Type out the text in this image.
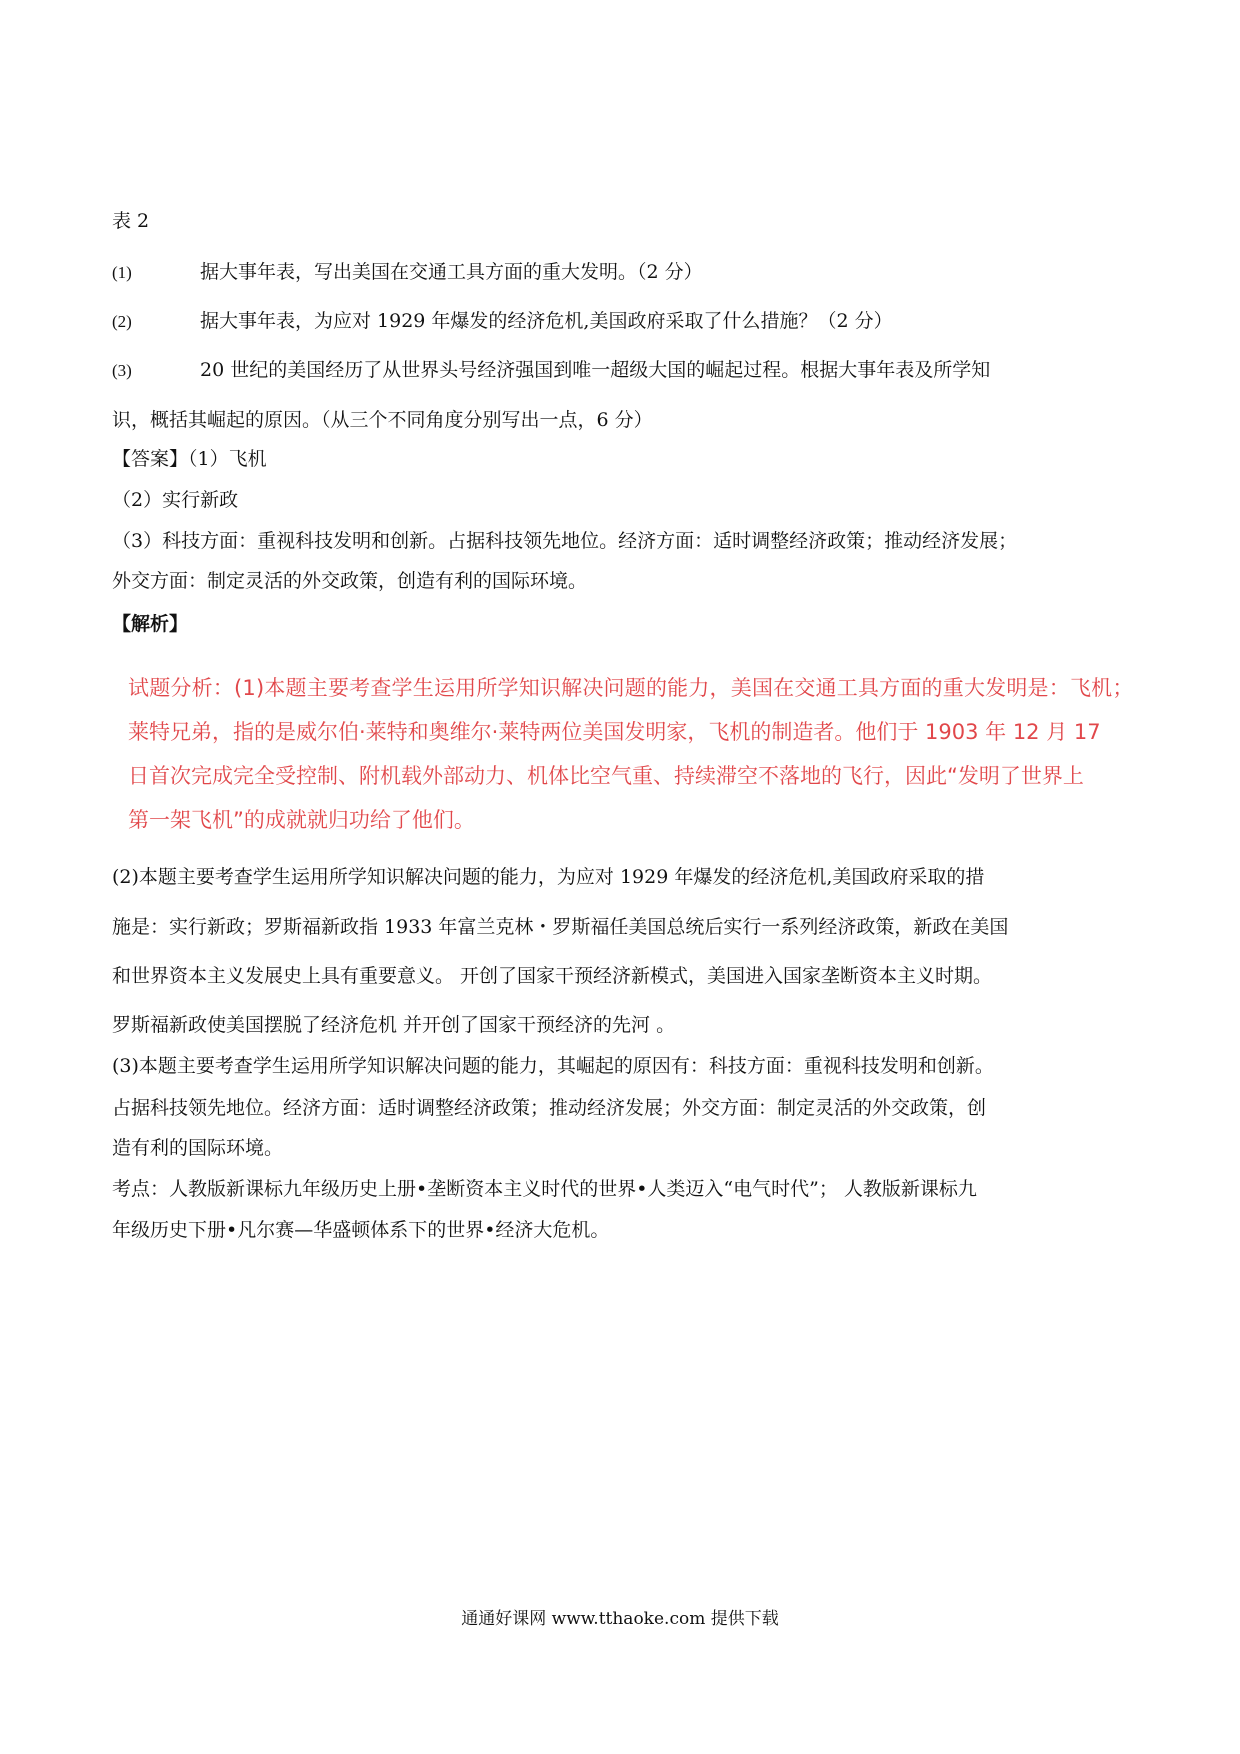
表 2
(1)	据大事年表，写出美国在交通工具方面的重大发明。（2 分）
(2)	据大事年表，为应对 1929 年爆发的经济危机,美国政府采取了什么措施？（2 分）
(3)	20 世纪的美国经历了从世界头号经济强国到唯一超级大国的崛起过程。根据大事年表及所学知
识，概括其崛起的原因。（从三个不同角度分别写出一点，6 分）
【答案】（1）飞机
（2）实行新政
（3）科技方面：重视科技发明和创新。占据科技领先地位。经济方面：适时调整经济政策；推动经济发展；
外交方面：制定灵活的外交政策，创造有利的国际环境。
【解析】
试题分析：(1)本题主要考查学生运用所学知识解决问题的能力，美国在交通工具方面的重大发明是：飞机；
莱特兄弟，指的是威尔伯·莱特和奥维尔·莱特两位美国发明家，飞机的制造者。他们于 1903 年 12 月 17
日首次完成完全受控制、附机载外部动力、机体比空气重、持续滞空不落地的飞行，因此“发明了世界上
第一架飞机”的成就就归功给了他们。
(2)本题主要考查学生运用所学知识解决问题的能力，为应对 1929 年爆发的经济危机,美国政府采取的措
施是：实行新政；罗斯福新政指 1933 年富兰克林・罗斯福任美国总统后实行一系列经济政策，新政在美国
和世界资本主义发展史上具有重要意义。 开创了国家干预经济新模式，美国进入国家垄断资本主义时期。
罗斯福新政使美国摆脱了经济危机 并开创了国家干预经济的先河 。
(3)本题主要考查学生运用所学知识解决问题的能力，其崛起的原因有：科技方面：重视科技发明和创新。
占据科技领先地位。经济方面：适时调整经济政策；推动经济发展；外交方面：制定灵活的外交政策，创
造有利的国际环境。
考点：人教版新课标九年级历史上册•垄断资本主义时代的世界•人类迈入“电气时代”； 人教版新课标九
年级历史下册•凡尔赛—华盛顿体系下的世界•经济大危机。
通通好课网 www.tthaoke.com 提供下载
